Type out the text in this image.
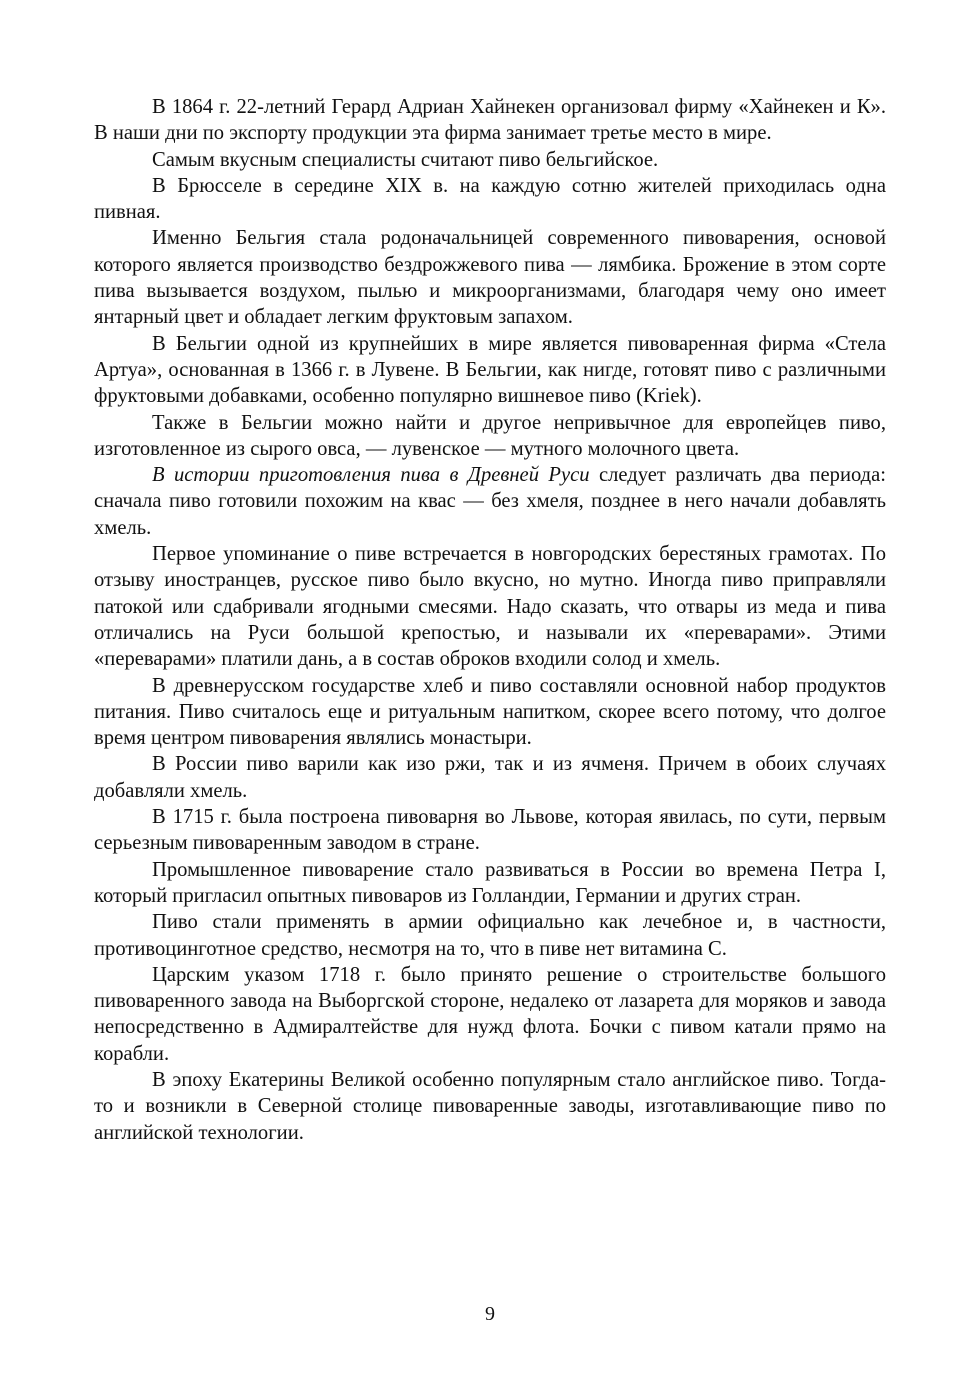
В 1864 г. 22-летний Герард Адриан Хайнекен организовал фирму «Хайнекен и К». В наши дни по экспорту продукции эта фирма занимает третье место в мире.

Самым вкусным специалисты считают пиво бельгийское.

В Брюсселе в середине XIX в. на каждую сотню жителей приходилась одна пивная.

Именно Бельгия стала родоначальницей современного пивоварения, основой которого является производство бездрожжевого пива — лямбика. Брожение в этом сорте пива вызывается воздухом, пылью и микроорганизмами, благодаря чему оно имеет янтарный цвет и обладает легким фруктовым запахом.

В Бельгии одной из крупнейших в мире является пивоваренная фирма «Стела Артуа», основанная в 1366 г. в Лувене. В Бельгии, как нигде, готовят пиво с различными фруктовыми добавками, особенно популярно вишневое пиво (Kriek).

Также в Бельгии можно найти и другое непривычное для европейцев пиво, изготовленное из сырого овса, — лувенское — мутного молочного цвета.

В истории приготовления пива в Древней Руси следует различать два периода: сначала пиво готовили похожим на квас — без хмеля, позднее в него начали добавлять хмель.

Первое упоминание о пиве встречается в новгородских берестяных грамотах. По отзыву иностранцев, русское пиво было вкусно, но мутно. Иногда пиво приправляли патокой или сдабривали ягодными смесями. Надо сказать, что отвары из меда и пива отличались на Руси большой крепостью, и называли их «переварами». Этими «переварами» платили дань, а в состав оброков входили солод и хмель.

В древнерусском государстве хлеб и пиво составляли основной набор продуктов питания. Пиво считалось еще и ритуальным напитком, скорее всего потому, что долгое время центром пивоварения являлись монастыри.

В России пиво варили как изо ржи, так и из ячменя. Причем в обоих случаях добавляли хмель.

В 1715 г. была построена пивоварня во Львове, которая явилась, по сути, первым серьезным пивоваренным заводом в стране.

Промышленное пивоварение стало развиваться в России во времена Петра I, который пригласил опытных пивоваров из Голландии, Германии и других стран.

Пиво стали применять в армии официально как лечебное и, в частности, противоцинготное средство, несмотря на то, что в пиве нет витамина С.

Царским указом 1718 г. было принято решение о строительстве большого пивоваренного завода на Выборгской стороне, недалеко от лазарета для моряков и завода непосредственно в Адмиралтействе для нужд флота. Бочки с пивом катали прямо на корабли.

В эпоху Екатерины Великой особенно популярным стало английское пиво. Тогда-то и возникли в Северной столице пивоваренные заводы, изготавливающие пиво по английской технологии.

9
